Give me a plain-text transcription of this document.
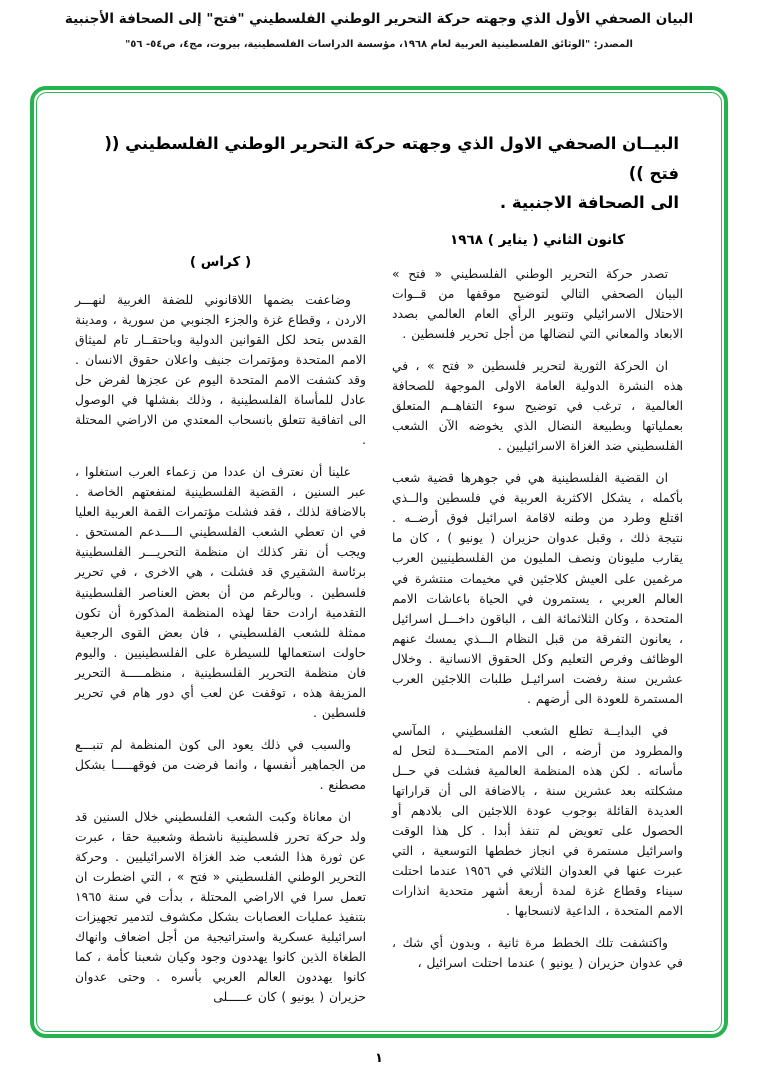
البيان الصحفي الأول الذي وجهته حركة التحرير الوطني الفلسطيني "فتح" إلى الصحافة الأجنبية
المصدر: "الوثائق الفلسطينية العربية لعام ١٩٦٨، مؤسسة الدراسات الفلسطينية، بيروت، مج٤، ص٥٤- ٥٦"
البيــان الصحفي الاول الذي وجهته حركة التحرير الوطني الفلسطيني (( فتح ))
الى الصحافة الاجنبية .
كانون الثاني ( يناير ) ١٩٦٨

تصدر حركة التحرير الوطني الفلسطيني « فتح » البيان الصحفي التالي لتوضيح موقفها من قــوات الاحتلال الاسرائيلي وتنوير الرأي العام العالمي بصدد الابعاد والمعاني التي لنضالها من أجل تحرير فلسطين .

ان الحركة الثورية لتحرير فلسطين « فتح » ، في هذه النشرة الدولية العامة الاولى الموجهة للصحافة العالمية ، ترغب في توضيح سوء التفاهــم المتعلق بعملياتها وبطبيعة النضال الذي يخوضه الآن الشعب الفلسطيني ضد الغزاة الاسرائيليين .

ان القضية الفلسطينية هي في جوهرها قضية شعب بأكمله ، يشكل الاكثرية العربية في فلسطين والــذي اقتلع وطرد من وطنه لاقامة اسرائيل فوق أرضــه . نتيجة ذلك ، وقبل عدوان حزيران ( يونيو ) ، كان ما يقارب مليونان ونصف المليون من الفلسطينيين العرب مرغمين على العيش كلاجئين في مخيمات منتشرة في العالم العربي ، يستمرون في الحياة باعاشات الامم المتحدة ، وكان الثلاثمائة الف ، الباقون داخـــل اسرائيل ، يعانون التفرقة من قبل النظام الـــذي يمسك عنهم الوظائف وفرص التعليم وكل الحقوق الانسانية . وخلال عشرين سنة رفضت اسرائيـل طلبات اللاجئين العرب المستمرة للعودة الى أرضهم .

في البدايــة تطلع الشعب الفلسطيني ، المآسي والمطرود من أرضه ، الى الامم المتحـــدة لتحل له مأساته . لكن هذه المنظمة العالمية فشلت في حــل مشكلته بعد عشرين سنة ، بالاضافة الى أن قراراتها العديدة القائلة بوجوب عودة اللاجئين الى بلادهم أو الحصول على تعويض لم تنفذ أبدا . كل هذا الوقت واسرائيل مستمرة في انجاز خططها التوسعية ، التي عبرت عنها في العدوان الثلاثي في ١٩٥٦ عندما احتلت سيناء وقطاع غزة لمدة أربعة أشهر متحدية انذارات الامم المتحدة ، الداعية لانسحابها .

واكتشفت تلك الخطط مرة ثانية ، وبدون أي شك ، في عدوان حزيران ( يونيو ) عندما احتلت اسرائيل ،

( كراس )

وضاعفت بضمها اللاقانوني للضفة الغربية لنهـــر الاردن ، وقطاع غزة والجزء الجنوبي من سورية ، ومدينة القدس بتحد لكل القوانين الدولية وباحتقــار تام لميثاق الامم المتحدة ومؤتمرات جنيف واعلان حقوق الانسان . وقد كشفت الامم المتحدة اليوم عن عجزها لفرض حل عادل للمأساة الفلسطينية ، وذلك بفشلها في الوصول الى اتفاقية تتعلق بانسحاب المعتدي من الاراضي المحتلة .

علينا أن نعترف ان عددا من زعماء العرب استغلوا ، عبر السنين ، القضية الفلسطينية لمنفعتهم الخاصة . بالاضافة لذلك ، فقد فشلت مؤتمرات القمة العربية العليا في ان تعطي الشعب الفلسطيني الــــدعم المستحق . ويجب أن نقر كذلك ان منظمة التحريـــر الفلسطينية برئاسة الشقيري قد فشلت ، هي الاخرى ، في تحرير فلسطين . وبالرغم من أن بعض العناصر الفلسطينية التقدمية ارادت حقا لهذه المنظمة المذكورة أن تكون ممثلة للشعب الفلسطيني ، فان بعض القوى الرجعية حاولت استعمالها للسيطرة على الفلسطينيين . واليوم فان منظمة التحرير الفلسطينية ، منظمـــــة التحرير المزيفة هذه ، توقفت عن لعب أي دور هام في تحرير فلسطين .

والسبب في ذلك يعود الى كون المنظمة لم تنبـــع من الجماهير أنفسها ، وانما فرضت من فوقهـــــا بشكل مصطنع .

ان معاناة وكبت الشعب الفلسطيني خلال السنين قد ولد حركة تحرر فلسطينية ناشطة وشعبية حقا ، عبرت عن ثورة هذا الشعب ضد الغزاة الاسرائيليين . وحركة التحرير الوطني الفلسطيني « فتح » ، التي اضطرت ان تعمل سرا في الاراضي المحتلة ، بدأت في سنة ١٩٦٥ بتنفيذ عمليات العصابات بشكل مكشوف لتدمير تجهيزات اسرائيلية عسكرية واستراتيجية من أجل اضعاف وانهاك الطغاة الذين كانوا يهددون وجود وكيان شعبنا كأمة ، كما كانوا يهددون العالم العربي بأسره . وحتى عدوان حزيران ( يونيو ) كان عـــــلى

١
